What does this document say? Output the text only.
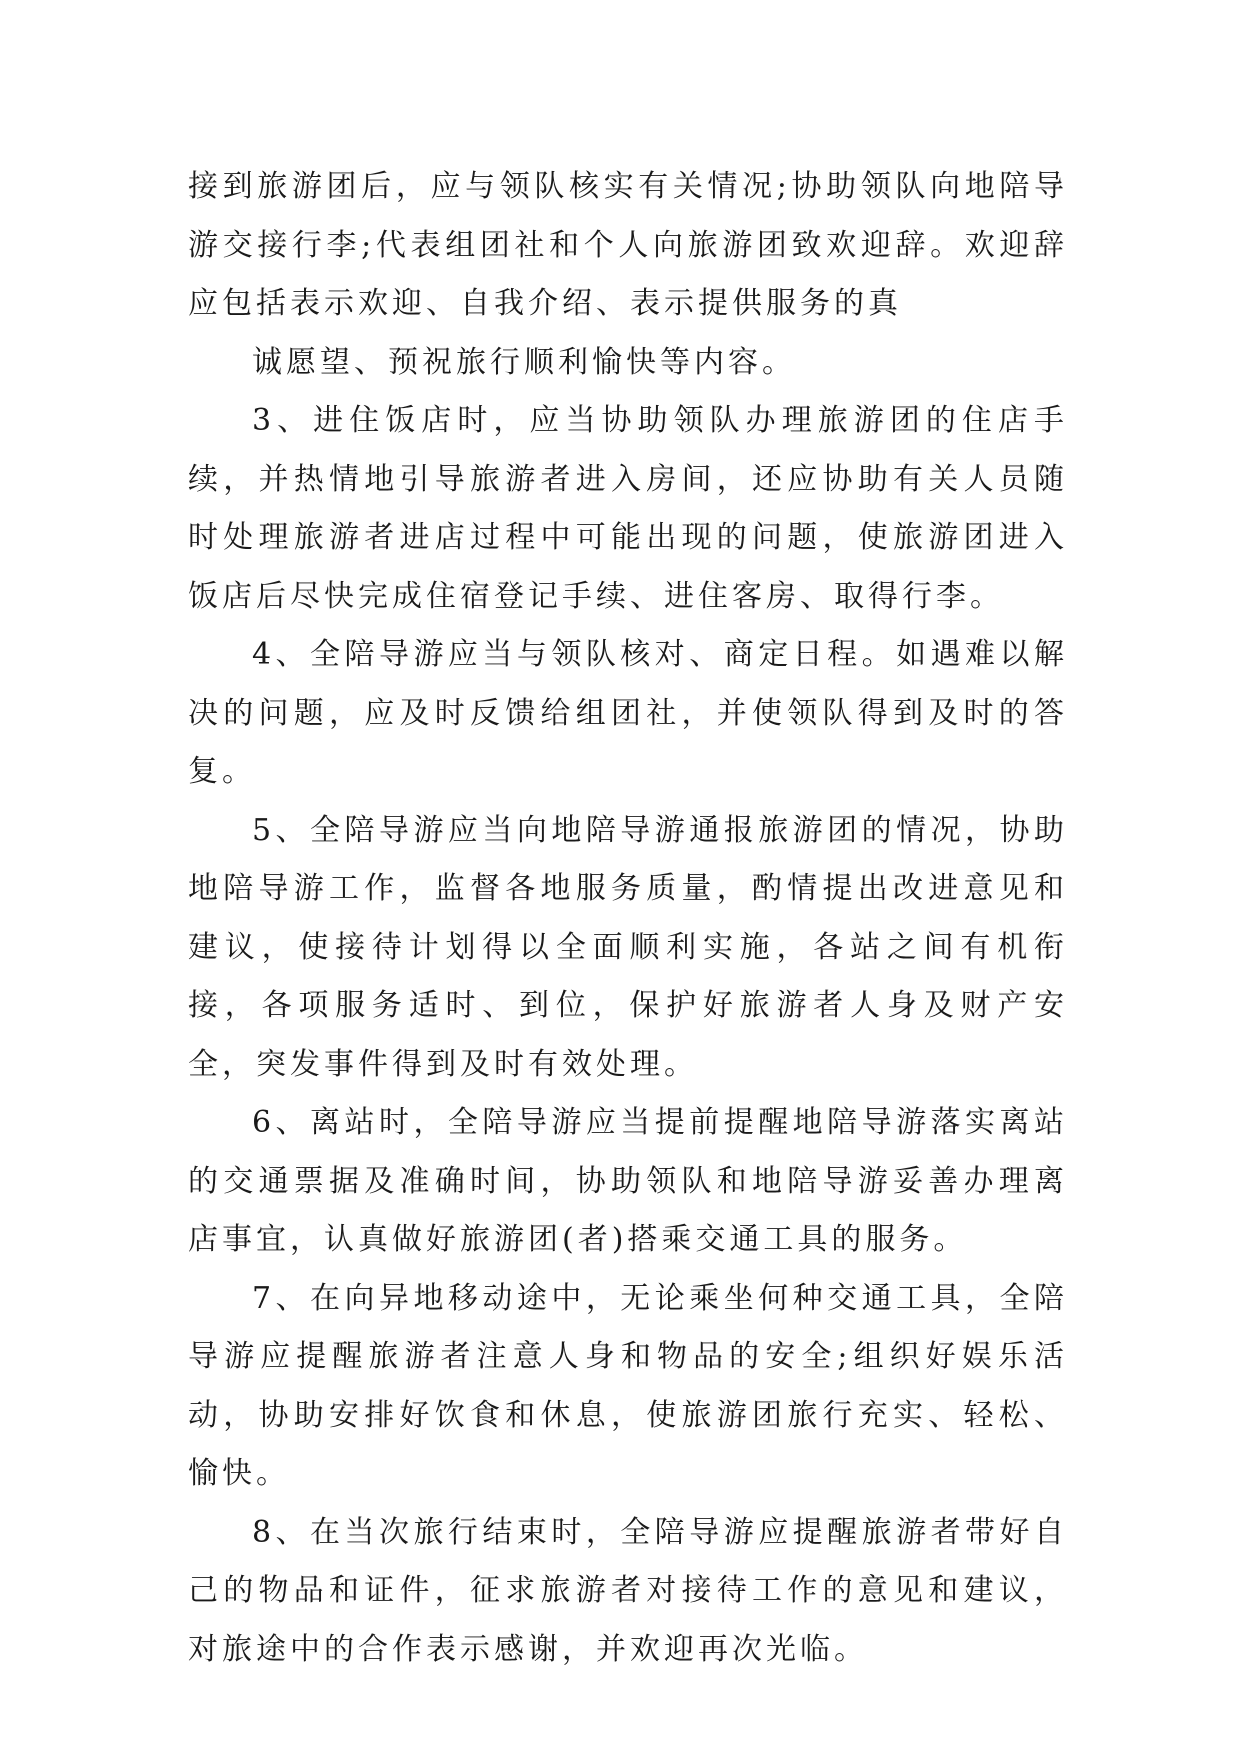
接到旅游团后，应与领队核实有关情况;协助领队向地陪导游交接行李;代表组团社和个人向旅游团致欢迎辞。欢迎辞应包括表示欢迎、自我介绍、表示提供服务的真

诚愿望、预祝旅行顺利愉快等内容。

3、进住饭店时，应当协助领队办理旅游团的住店手续，并热情地引导旅游者进入房间，还应协助有关人员随时处理旅游者进店过程中可能出现的问题，使旅游团进入饭店后尽快完成住宿登记手续、进住客房、取得行李。

4、全陪导游应当与领队核对、商定日程。如遇难以解决的问题，应及时反馈给组团社，并使领队得到及时的答复。

5、全陪导游应当向地陪导游通报旅游团的情况，协助地陪导游工作，监督各地服务质量，酌情提出改进意见和建议，使接待计划得以全面顺利实施，各站之间有机衔接，各项服务适时、到位，保护好旅游者人身及财产安全，突发事件得到及时有效处理。

6、离站时，全陪导游应当提前提醒地陪导游落实离站的交通票据及准确时间，协助领队和地陪导游妥善办理离店事宜，认真做好旅游团(者)搭乘交通工具的服务。

7、在向异地移动途中，无论乘坐何种交通工具，全陪导游应提醒旅游者注意人身和物品的安全;组织好娱乐活动，协助安排好饮食和休息，使旅游团旅行充实、轻松、愉快。

8、在当次旅行结束时，全陪导游应提醒旅游者带好自己的物品和证件，征求旅游者对接待工作的意见和建议，对旅途中的合作表示感谢，并欢迎再次光临。
